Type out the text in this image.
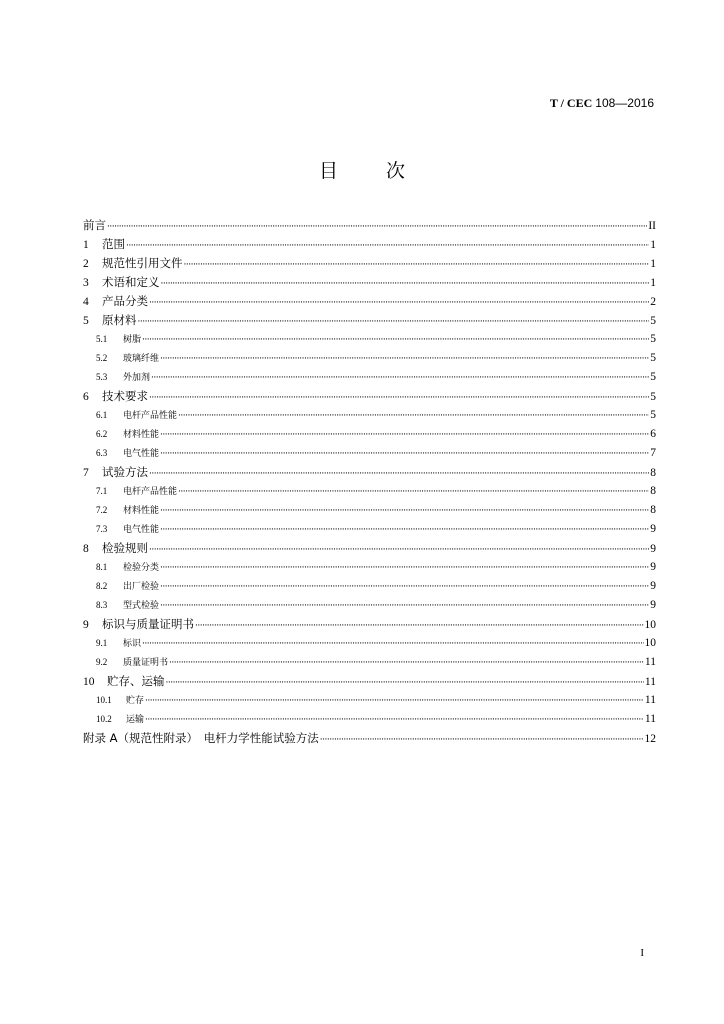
T / CEC 108—2016
目	次
前言 ·····	II
1	范围 ·····	1
2	规范性引用文件 ·····	1
3	术语和定义 ·····	1
4	产品分类 ·····	2
5	原材料 ·····	5
5.1	树脂 ·····	5
5.2	玻璃纤维 ·····	5
5.3	外加剂 ·····	5
6	技术要求 ·····	5
6.1	电杆产品性能 ·····	5
6.2	材料性能 ·····	6
6.3	电气性能 ·····	7
7	试验方法 ·····	8
7.1	电杆产品性能 ·····	8
7.2	材料性能 ·····	8
7.3	电气性能 ·····	9
8	检验规则 ·····	9
8.1	检验分类 ·····	9
8.2	出厂检验 ·····	9
8.3	型式检验 ·····	9
9	标识与质量证明书 ·····	10
9.1	标识 ·····	10
9.2	质量证明书 ·····	11
10	贮存、运输 ·····	11
10.1	贮存 ·····	11
10.2	运输 ·····	11
附录 A（规范性附录）　电杆力学性能试验方法 ·····	12
I
